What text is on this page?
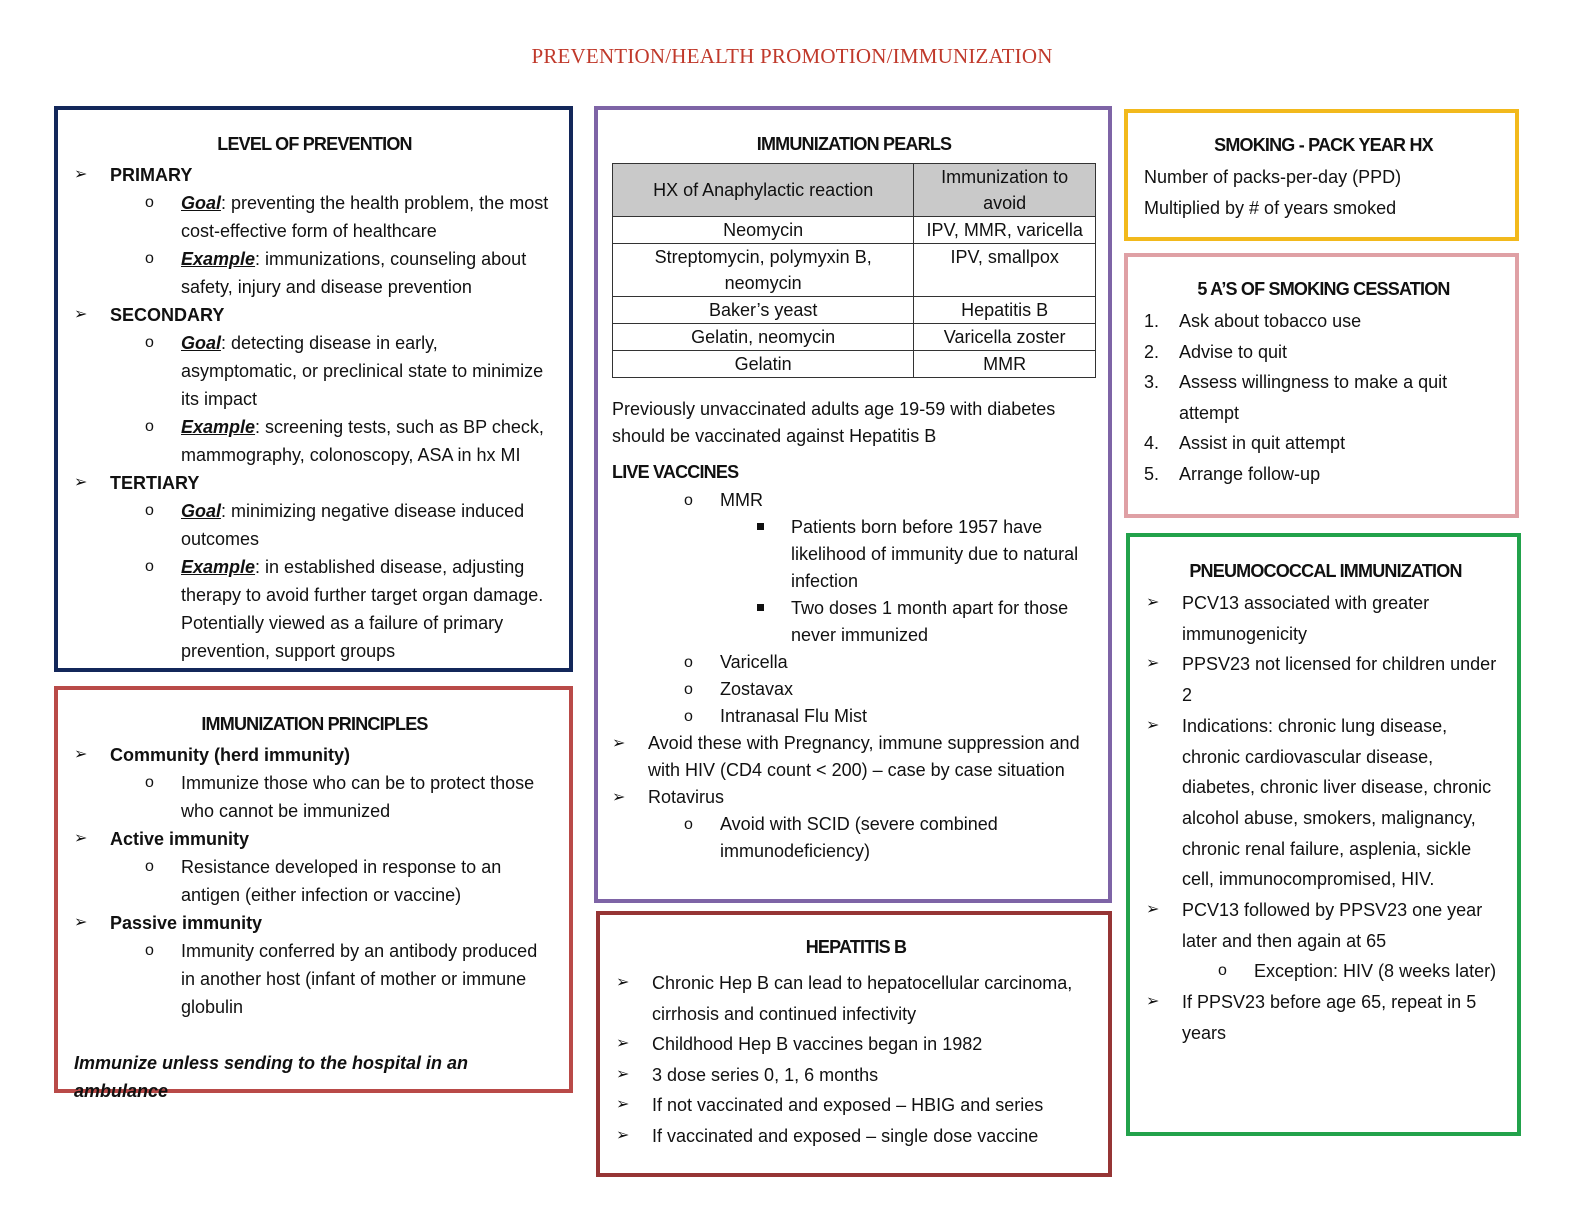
PREVENTION/HEALTH PROMOTION/IMMUNIZATION
LEVEL OF PREVENTION
➢ PRIMARY
o Goal: preventing the health problem, the most cost-effective form of healthcare
o Example: immunizations, counseling about safety, injury and disease prevention
➢ SECONDARY
o Goal: detecting disease in early, asymptomatic, or preclinical state to minimize its impact
o Example: screening tests, such as BP check, mammography, colonoscopy, ASA in hx MI
➢ TERTIARY
o Goal: minimizing negative disease induced outcomes
o Example: in established disease, adjusting therapy to avoid further target organ damage. Potentially viewed as a failure of primary prevention, support groups
IMMUNIZATION PRINCIPLES
➢ Community (herd immunity)
o Immunize those who can be to protect those who cannot be immunized
➢ Active immunity
o Resistance developed in response to an antigen (either infection or vaccine)
➢ Passive immunity
o Immunity conferred by an antibody produced in another host (infant of mother or immune globulin
Immunize unless sending to the hospital in an ambulance
IMMUNIZATION PEARLS
HX of Anaphylactic reaction	Immunization to avoid
Neomycin	IPV, MMR, varicella
Streptomycin, polymyxin B, neomycin	IPV, smallpox
Baker’s yeast	Hepatitis B
Gelatin, neomycin	Varicella zoster
Gelatin	MMR
Previously unvaccinated adults age 19-59 with diabetes should be vaccinated against Hepatitis B
LIVE VACCINES
o MMR
Patients born before 1957 have likelihood of immunity due to natural infection
Two doses 1 month apart for those never immunized
o Varicella
o Zostavax
o Intranasal Flu Mist
➢ Avoid these with Pregnancy, immune suppression and with HIV (CD4 count < 200) – case by case situation
➢ Rotavirus
o Avoid with SCID (severe combined immunodeficiency)
HEPATITIS B
➢ Chronic Hep B can lead to hepatocellular carcinoma, cirrhosis and continued infectivity
➢ Childhood Hep B vaccines began in 1982
➢ 3 dose series 0, 1, 6 months
➢ If not vaccinated and exposed – HBIG and series
➢ If vaccinated and exposed – single dose vaccine
SMOKING - PACK YEAR HX
Number of packs-per-day (PPD)
Multiplied by # of years smoked
5 A’S OF SMOKING CESSATION
1. Ask about tobacco use
2. Advise to quit
3. Assess willingness to make a quit attempt
4. Assist in quit attempt
5. Arrange follow-up
PNEUMOCOCCAL IMMUNIZATION
➢ PCV13 associated with greater immunogenicity
➢ PPSV23 not licensed for children under 2
➢ Indications: chronic lung disease, chronic cardiovascular disease, diabetes, chronic liver disease, chronic alcohol abuse, smokers, malignancy, chronic renal failure, asplenia, sickle cell, immunocompromised, HIV.
➢ PCV13 followed by PPSV23 one year later and then again at 65
o Exception: HIV (8 weeks later)
➢ If PPSV23 before age 65, repeat in 5 years
